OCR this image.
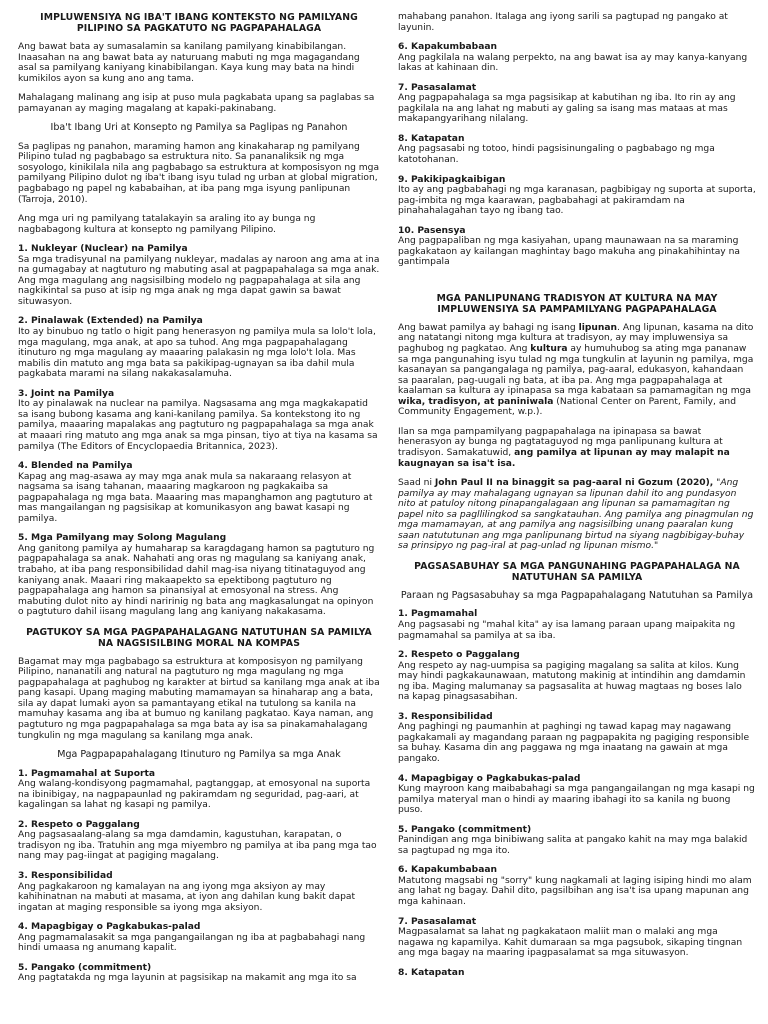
IMPLUWENSIYA NG IBA'T IBANG KONTEKSTO NG PAMILYANG PILIPINO SA PAGKATUTO NG PAGPAPAHALAGA

Ang bawat bata ay sumasalamin sa kanilang pamilyang kinabibilangan. Inaasahan na ang bawat bata ay naturuang mabuti ng mga magagandang asal sa pamilyang kaniyang kinabibilangan. Kaya kung may bata na hindi kumikilos ayon sa kung ano ang tama.

Mahalagang malinang ang isip at puso mula pagkabata upang sa paglabas sa pamayanan ay maging magalang at kapaki-pakinabang.

Iba't Ibang Uri at Konsepto ng Pamilya sa Paglipas ng Panahon

Sa paglipas ng panahon, maraming hamon ang kinakaharap ng pamilyang Pilipino tulad ng pagbabago sa estruktura nito. Sa pananaliksik ng mga sosyologo, kinikilala nila ang pagbabago sa estruktura at komposisyon ng mga pamilyang Pilipino dulot ng iba't ibang isyu tulad ng urban at global migration, pagbabago ng papel ng kababaihan, at iba pang mga isyung panlipunan (Tarroja, 2010).

Ang mga uri ng pamilyang tatalakayin sa araling ito ay bunga ng nagbabagong kultura at konsepto ng pamilyang Pilipino.

1. Nukleyar (Nuclear) na Pamilya
Sa mga tradisyunal na pamilyang nukleyar, madalas ay naroon ang ama at ina na gumagabay at nagtuturo ng mabuting asal at pagpapahalaga sa mga anak. Ang mga magulang ang nagsisilbing modelo ng pagpapahalaga at sila ang nagkikintal sa puso at isip ng mga anak ng mga dapat gawin sa bawat situwasyon.
2. Pinalawak (Extended) na Pamilya
Ito ay binubuo ng tatlo o higit pang henerasyon ng pamilya mula sa lolo't lola, mga magulang, mga anak, at apo sa tuhod. Ang mga pagpapahalagang itinuturo ng mga magulang ay maaaring palakasin ng mga lolo't lola. Mas mabilis din matuto ang mga bata sa pakikipag-ugnayan sa iba dahil mula pagkabata marami na silang nakakasalamuha.
3. Joint na Pamilya
Ito ay pinalawak na nuclear na pamilya. Nagsasama ang mga magkakapatid sa isang bubong kasama ang kani-kanilang pamilya. Sa kontekstong ito ng pamilya, maaaring mapalakas ang pagtuturo ng pagpapahalaga sa mga anak at maaari ring matuto ang mga anak sa mga pinsan, tiyo at tiya na kasama sa pamilya (The Editors of Encyclopaedia Britannica, 2023).
4. Blended na Pamilya
Kapag ang mag-asawa ay may mga anak mula sa nakaraang relasyon at nagsama sa isang tahanan, maaaring magkaroon ng pagkakaiba sa pagpapahalaga ng mga bata. Maaaring mas mapanghamon ang pagtuturo at mas mangailangan ng pagsisikap at komunikasyon ang bawat kasapi ng pamilya.
5. Mga Pamilyang may Solong Magulang
Ang ganitong pamilya ay humaharap sa karagdagang hamon sa pagtuturo ng pagpapahalaga sa anak. Nahahati ang oras ng magulang sa kaniyang anak, trabaho, at iba pang responsibilidad dahil mag-isa niyang titinataguyod ang kaniyang anak. Maaari ring makaapekto sa epektibong pagtuturo ng pagpapahalaga ang hamon sa pinansiyal at emosyonal na stress. Ang mabuting dulot nito ay hindi naririnig ng bata ang magkasalungat na opinyon o pagtuturo dahil iisang magulang lang ang kaniyang nakakasama.
PAGTUKOY SA MGA PAGPAPAHALAGANG NATUTUHAN SA PAMILYA NA NAGSISILBING MORAL NA KOMPAS

Bagamat may mga pagbabago sa estruktura at komposisyon ng pamilyang Pilipino, nananatili ang natural na pagtuturo ng mga magulang ng mga pagpapahalaga at paghubog ng karakter at birtud sa kanilang mga anak at iba pang kasapi. Upang maging mabuting mamamayan sa hinaharap ang a bata, sila ay dapat lumaki ayon sa pamantayang etikal na tutulong sa kanila na mamuhay kasama ang iba at bumuo ng kanilang pagkatao. Kaya naman, ang pagtuturo ng mga pagpapahalaga sa mga bata ay isa sa pinakamahalagang tungkulin ng mga magulang sa kanilang mga anak.

Mga Pagpapapahalagang Itinuturo ng Pamilya sa mga Anak
1. Pagmamahal at Suporta
Ang walang-kondisyong pagmamahal, pagtanggap, at emosyonal na suporta na ibinibigay, na nagpapaunlad ng pakiramdam ng seguridad, pag-aari, at kagalingan sa lahat ng kasapi ng pamilya.
2. Respeto o Paggalang
Ang pagsasaalang-alang sa mga damdamin, kagustuhan, karapatan, o tradisyon ng iba. Tratuhin ang mga miyembro ng pamilya at iba pang mga tao nang may pag-iingat at pagiging magalang.
3. Responsibilidad
Ang pagkakaroon ng kamalayan na ang iyong mga aksiyon ay may kahihinatnan na mabuti at masama, at iyon ang dahilan kung bakit dapat ingatan at maging responsible sa iyong mga aksiyon.
4. Mapagbigay o Pagkabukas-palad
Ang pagmamalasakit sa mga pangangailangan ng iba at pagbabahagi nang hindi umaasa ng anumang kapalit.
5. Pangako (commitment)
Ang pagtatakda ng mga layunin at pagsisikap na makamit ang mga ito sa

mahabang panahon. Italaga ang iyong sarili sa pagtupad ng pangako at layunin.

6. Kapakumbabaan
Ang pagkilala na walang perpekto, na ang bawat isa ay may kanya-kanyang lakas at kahinaan din.
7. Pasasalamat
Ang pagpapahalaga sa mga pagsisikap at kabutihan ng iba. Ito rin ay ang pagkilala na ang lahat ng mabuti ay galing sa isang mas mataas at mas makapangyarihang nilalang.
8. Katapatan
Ang pagsasabi ng totoo, hindi pagsisinungaling o pagbabago ng mga katotohanan.
9. Pakikipagkaibigan
Ito ay ang pagbabahagi ng mga karanasan, pagbibigay ng suporta at suporta, pag-imbita ng mga kaarawan, pagbabahagi at pakiramdam na pinahahalagahan tayo ng ibang tao.
10. Pasensya
Ang pagpapaliban ng mga kasiyahan, upang maunawaan na sa maraming pagkakataon ay kailangan maghintay bago makuha ang pinakahihintay na gantimpala
MGA PANLIPUNANG TRADISYON AT KULTURA NA MAY IMPLUWENSIYA SA PAMPAMILYANG PAGPAPAHALAGA

Ang bawat pamilya ay bahagi ng isang lipunan. Ang lipunan, kasama na dito ang natatangi nitong mga kultura at tradisyon, ay may impluwensiya sa paghubog ng pagkatao. Ang kultura ay humuhubog sa ating mga pananaw sa mga pangunahing isyu tulad ng mga tungkulin at layunin ng pamilya, mga kasanayan sa pangangalaga ng pamilya, pag-aaral, edukasyon, kahandaan sa paaralan, pag-uugali ng bata, at iba pa. Ang mga pagpapahalaga at kaalaman sa kultura ay ipinapasa sa mga kabataan sa pamamagitan ng mga wika, tradisyon, at paniniwala (National Center on Parent, Family, and Community Engagement, w.p.).

Ilan sa mga pampamilyang pagpapahalaga na ipinapasa sa bawat henerasyon ay bunga ng pagtataguyod ng mga panlipunang kultura at tradisyon. Samakatuwid, ang pamilya at lipunan ay may malapit na kaugnayan sa isa't isa.

Saad ni John Paul II na binaggit sa pag-aaral ni Gozum (2020), "Ang pamilya ay may mahalagang ugnayan sa lipunan dahil ito ang pundasyon nito at patuloy nitong pinapangalagaan ang lipunan sa pamamagitan ng papel nito sa pagllilingkod sa sangkatauhan. Ang pamilya ang pinagmulan ng mga mamamayan, at ang pamilya ang nagsisilbing unang paaralan kung saan natututunan ang mga panlipunang birtud na siyang nagbibigay-buhay sa prinsipyo ng pag-iral at pag-unlad ng lipunan mismo."

PAGSASABUHAY SA MGA PANGUNAHING PAGPAPAHALAGA NA NATUTUHAN SA PAMILYA
Paraan ng Pagsasabuhay sa mga Pagpapahalagang Natutuhan sa Pamilya
1. Pagmamahal
Ang pagsasabi ng "mahal kita" ay isa lamang paraan upang maipakita ng pagmamahal sa pamilya at sa iba.
2. Respeto o Paggalang
Ang respeto ay nag-uumpisa sa pagiging magalang sa salita at kilos. Kung may hindi pagkakaunawaan, matutong makinig at intindihin ang damdamin ng iba. Maging malumanay sa pagsasalita at huwag magtaas ng boses lalo na kapag pinagsasabihan.
3. Responsibilidad
Ang paghingi ng paumanhin at paghingi ng tawad kapag may nagawang pagkakamali ay magandang paraan ng pagpapakita ng pagiging responsible sa buhay. Kasama din ang paggawa ng mga inaatang na gawain at mga pangako.
4. Mapagbigay o Pagkabukas-palad
Kung mayroon kang maibabahagi sa mga pangangailangan ng mga kasapi ng pamilya materyal man o hindi ay maaring ibahagi ito sa kanila ng buong puso.
5. Pangako (commitment)
Panindigan ang mga binibiwang salita at pangako kahit na may mga balakid sa pagtupad ng mga ito.
6. Kapakumbabaan
Matutong magsabi ng "sorry" kung nagkamali at laging isiping hindi mo alam ang lahat ng bagay. Dahil dito, pagsilbihan ang isa't isa upang mapunan ang mga kahinaan.
7. Pasasalamat
Magpasalamat sa lahat ng pagkakataon maliit man o malaki ang mga nagawa ng kapamilya. Kahit dumaraan sa mga pagsubok, sikaping tingnan ang mga bagay na maaring ipagpasalamat sa mga situwasyon.
8. Katapatan
